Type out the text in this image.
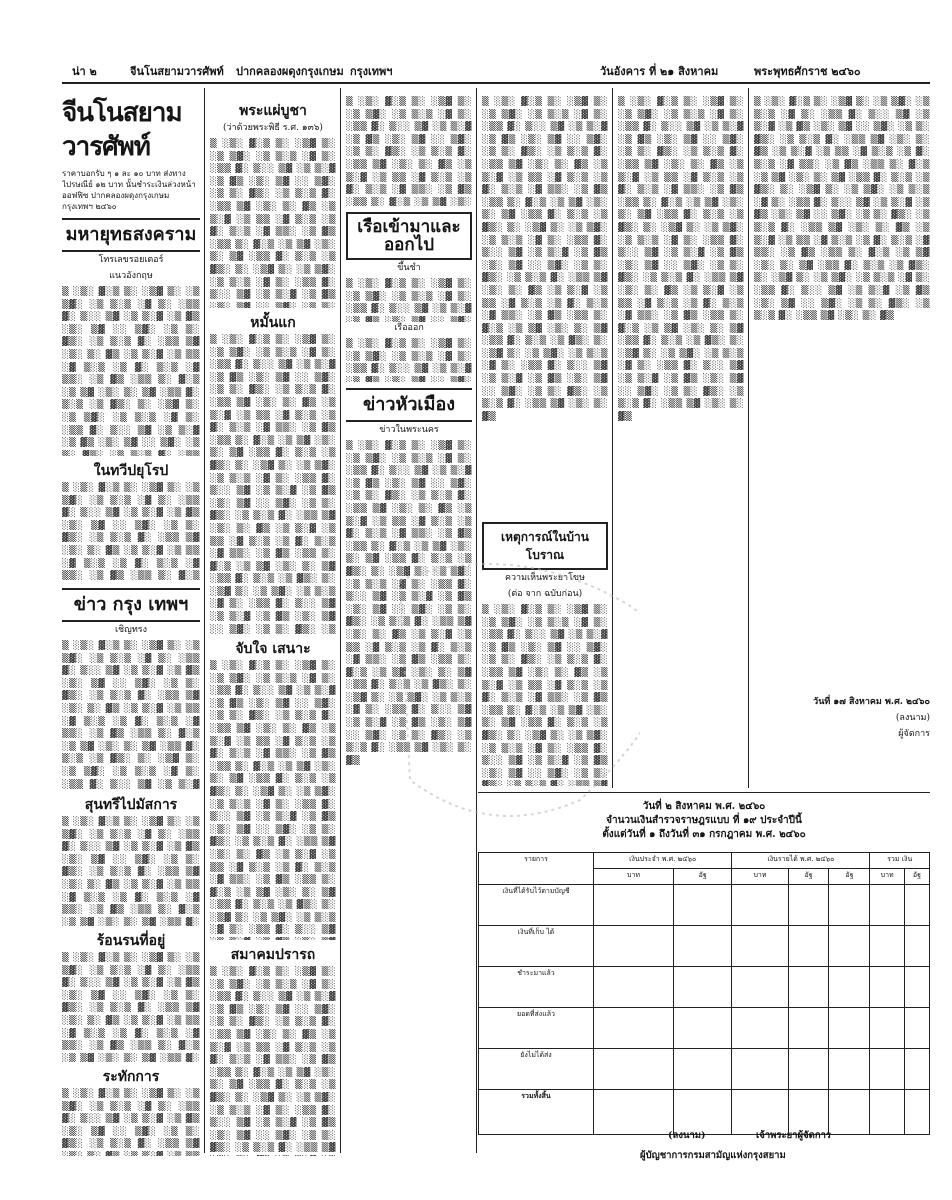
น่า ๒	จีนโนสยามวารศัพท์ ปากคลองผดุงกรุงเกษม กรุงเทพฯ	วันอังคาร ที่ ๒๑ สิงหาคม	พระพุทธศักราช ๒๔๖๐
จีนโนสยามวารศัพท์
ราคาบอกรับ ๆ ๑ ละ ๑๐ บาท ส่งทางไปรษณีย์ ๑๒ บาท นั้นชำระเงินล่วงหน้า
ออฟฟิซ ปากคลองผดุงกรุงเกษม กรุงเทพฯ ๒๔๖๐
มหายุทธสงคราม
โทรเลขรอยเตอร์
แนวอังกฤษ

▒ ░▒░ ▓░▒ ▒░ ░▒▓ ▒░ ░▒ ▒▓░ ░▒ ▒░▒ ░▓ ▒░ ░▒▒ ▓░ ▒░░ ▒▓ ░▒ ▒░▓ ░▒ ▓▒ ░▒░ ▒▓ ░░ ▒▓░ ░▒ ▒░ ▓▒░ ░▒ ▒░▒ ▓░ ░▒▒ ▒▓ ░▒░ ▒░ ▓▒ ░▒ ▒░▓ ░▒ ▒▒ ░▓ ▒░▒ ░▒ ▓░ ▒░▒ ░▓ ▒▒░ ░▒ ▓▒ ░▒▒ ▒░ ▓░▒ ░▒ ▒▓ ░▒░ ▒░ ▒▓ ░▒▒ ▓░ ▒░▒ ░▒ ▓▒░ ▒░ ░▒▓ ▒░ ░▒ ▒▓░ ░▒ ▒░▒ ░▓ ▒░ ░▒▒ ▓░ ▒░░ ▒▓ ░▒ ▒░▓ ░▒ ▓▒ ░▒░ ▒▓ ░░ ▒▓░ ░▒ ▒░ ▓▒░ ░▒ ▒░▒ ▓░ ░▒▒ ▒▓ ░▒░ ▒░ ▓▒ ░▒ ▒░▓ ░▒ ▒▒ ░▓ ▒░▒ ░▒ ▓░ ▒░▒ ░▓ ▒▒░ ░▒ ▓▒ ░▒▒ ▒░ ▓░▒ ░▒ ▒▓ ░▒░ ▒░ ▒▓ ░▒▒ ▓░ ▒░▒ ░▒ ▓▒░ ▒░ ░▒▓ ▒░ ░▒ ▒▓░ ░▒ ▒░▒ ░▓ ▒░ ░▒▒ ▓░ ▒░░ ▒▓ ░▒ ▒░▓ ░▒ ▓▒ ░▒░ ▒▓ ░░ ▒▓░ ░▒ ▒░ ▓▒░ ░▒ ▒░▒ ▓░ ░▒▒ ▒▓ ░▒░ ▒░ ▓▒

ในทวีปยุโรป

▒ ░▒░ ▓░▒ ▒░ ░▒▓ ▒░ ░▒ ▒▓░ ░▒ ▒░▒ ░▓ ▒░ ░▒▒ ▓░ ▒░░ ▒▓ ░▒ ▒░▓ ░▒ ▓▒ ░▒░ ▒▓ ░░ ▒▓░ ░▒ ▒░ ▓▒░ ░▒ ▒░▒ ▓░ ░▒▒ ▒▓ ░▒░ ▒░ ▓▒ ░▒ ▒░▓ ░▒ ▒▒ ░▓ ▒░▒ ░▒ ▓░ ▒░▒ ░▓ ▒▒░ ░▒ ▓▒ ░▒▒ ▒░ ▓░▒ ░▒ ▒▓ ░▒░ ▒░ ▒▓ ░▒▒ ▓░ ▒░▒ ░▒ ▓▒░ ▒░ ░▒▓ ▒░ ░▒ ▒▓░ ░▒ ▒░▒ ░▓ ▒░ ░▒▒ ▓░ ▒░░ ▒▓ ░▒ ▒░▓ ░▒ ▓▒ ░▒░ ▒▓ ░░ ▒▓░ ░▒ ▒░ ▓▒░ ░▒ ▒░▒ ▓░ ░▒▒ ▒▓ ░▒░ ▒░ ▓▒ ░▒ ▒░▓ ░▒ ▒▒ ░▓ ▒░▒ ░▒ ▓░ ▒░▒ ░▓ ▒▒░ ░▒ ▓▒ ░▒▒ ▒░ ▓░▒ ░▒ ▒▓ ░▒░ ▒░ ▒▓ ░▒▒ ▓░ ▒░▒ ░▒ ▓▒░ ▒░ ░▒▓ ▒░ ░▒ ▒▓░ ░▒ ▒░▒ ░▓ ▒░ ░▒▒ ▓░ ▒░░ ▒▓ ░▒ ▒░▓ ░▒ ▓▒ ░▒░ ▒▓ ░░ ▒▓░ ░▒ ▒░ ▓▒░ ░▒ ▒░▒ ▓░ ░▒▒ ▒▓ ░▒░ ▒░ ▓▒

ข่าว กรุง เทพฯ
เชิญทรง

▒ ░▒░ ▓░▒ ▒░ ░▒▓ ▒░ ░▒ ▒▓░ ░▒ ▒░▒ ░▓ ▒░ ░▒▒ ▓░ ▒░░ ▒▓ ░▒ ▒░▓ ░▒ ▓▒ ░▒░ ▒▓ ░░ ▒▓░ ░▒ ▒░ ▓▒░ ░▒ ▒░▒ ▓░ ░▒▒ ▒▓ ░▒░ ▒░ ▓▒ ░▒ ▒░▓ ░▒ ▒▒ ░▓ ▒░▒ ░▒ ▓░ ▒░▒ ░▓ ▒▒░ ░▒ ▓▒ ░▒▒ ▒░ ▓░▒ ░▒ ▒▓ ░▒░ ▒░ ▒▓ ░▒▒ ▓░ ▒░▒ ░▒ ▓▒░ ▒░ ░▒▓ ▒░ ░▒ ▒▓░ ░▒ ▒░▒ ░▓ ▒░ ░▒▒ ▓░ ▒░░ ▒▓ ░▒ ▒░▓ ░▒ ▓▒ ░▒░ ▒▓ ░░ ▒▓░ ░▒ ▒░ ▓▒░ ░▒ ▒░▒ ▓░ ░▒▒ ▒▓ ░▒░ ▒░ ▓▒ ░▒ ▒░▓ ░▒ ▒▒ ░▓ ▒░▒ ░▒ ▓░ ▒░▒ ░▓ ▒▒░ ░▒ ▓▒ ░▒▒ ▒░ ▓░▒ ░▒ ▒▓ ░▒░ ▒░ ▒▓ ░▒▒ ▓░ ▒░▒ ░▒ ▓▒░ ▒░ ░▒▓ ▒░ ░▒ ▒▓░ ░▒ ▒░▒ ░▓ ▒░ ░▒▒ ▓░ ▒░░ ▒▓ ░▒ ▒░▓ ░▒ ▓▒ ░▒░ ▒▓ ░░ ▒▓░ ░▒ ▒░ ▓▒░ ░▒ ▒░▒ ▓░ ░▒▒ ▒▓ ░▒░ ▒░ ▓▒

สุนทรีไปมัสการ

▒ ░▒░ ▓░▒ ▒░ ░▒▓ ▒░ ░▒ ▒▓░ ░▒ ▒░▒ ░▓ ▒░ ░▒▒ ▓░ ▒░░ ▒▓ ░▒ ▒░▓ ░▒ ▓▒ ░▒░ ▒▓ ░░ ▒▓░ ░▒ ▒░ ▓▒░ ░▒ ▒░▒ ▓░ ░▒▒ ▒▓ ░▒░ ▒░ ▓▒ ░▒ ▒░▓ ░▒ ▒▒ ░▓ ▒░▒ ░▒ ▓░ ▒░▒ ░▓ ▒▒░ ░▒ ▓▒ ░▒▒ ▒░ ▓░▒ ░▒ ▒▓ ░▒░ ▒░ ▒▓ ░▒▒ ▓░ ▒░▒ ░▒ ▓▒░ ▒░ ░▒▓ ▒░ ░▒ ▒▓░ ░▒ ▒░▒ ░▓ ▒░ ░▒▒ ▓░ ▒░░ ▒▓ ░▒ ▒░▓ ░▒ ▓▒ ░▒░ ▒▓ ░░ ▒▓░ ░▒ ▒░ ▓▒░ ░▒ ▒░▒ ▓░ ░▒▒ ▒▓ ░▒░ ▒░ ▓▒ ░▒ ▒░▓ ░▒ ▒▒ ░▓ ▒░▒ ░▒ ▓░ ▒░▒ ░▓ ▒▒░ ░▒ ▓▒ ░▒▒ ▒░ ▓░▒ ░▒ ▒▓ ░▒░ ▒░ ▒▓ ░▒▒ ▓░ ▒░▒ ░▒ ▓▒░ ▒░ ░▒▓ ▒░ ░▒ ▒▓░ ░▒ ▒░▒ ░▓ ▒░ ░▒▒ ▓░ ▒░░ ▒▓ ░▒ ▒░▓ ░▒ ▓▒ ░▒░ ▒▓ ░░ ▒▓░ ░▒ ▒░ ▓▒░ ░▒ ▒░▒ ▓░ ░▒▒ ▒▓ ░▒░ ▒░ ▓▒

ร้อนรนที่อยู่

▒ ░▒░ ▓░▒ ▒░ ░▒▓ ▒░ ░▒ ▒▓░ ░▒ ▒░▒ ░▓ ▒░ ░▒▒ ▓░ ▒░░ ▒▓ ░▒ ▒░▓ ░▒ ▓▒ ░▒░ ▒▓ ░░ ▒▓░ ░▒ ▒░ ▓▒░ ░▒ ▒░▒ ▓░ ░▒▒ ▒▓ ░▒░ ▒░ ▓▒ ░▒ ▒░▓ ░▒ ▒▒ ░▓ ▒░▒ ░▒ ▓░ ▒░▒ ░▓ ▒▒░ ░▒ ▓▒ ░▒▒ ▒░ ▓░▒ ░▒ ▒▓ ░▒░ ▒░ ▒▓ ░▒▒ ▓░ ▒░▒ ░▒ ▓▒░ ▒░ ░▒▓ ▒░ ░▒ ▒▓░ ░▒ ▒░▒ ░▓ ▒░ ░▒▒ ▓░ ▒░░ ▒▓ ░▒ ▒░▓ ░▒ ▓▒ ░▒░ ▒▓ ░░ ▒▓░ ░▒ ▒░ ▓▒░ ░▒ ▒░▒ ▓░ ░▒▒ ▒▓ ░▒░ ▒░ ▓▒ ░▒ ▒░▓ ░▒ ▒▒ ░▓ ▒░▒ ░▒ ▓░ ▒░▒ ░▓ ▒▒░ ░▒ ▓▒ ░▒▒ ▒░ ▓░▒ ░▒ ▒▓ ░▒░ ▒░ ▒▓ ░▒▒ ▓░ ▒░▒ ░▒ ▓▒░ ▒░ ░▒▓ ▒░ ░▒ ▒▓░ ░▒ ▒░▒ ░▓ ▒░ ░▒▒ ▓░ ▒░░ ▒▓ ░▒ ▒░▓ ░▒ ▓▒ ░▒░ ▒▓ ░░ ▒▓░ ░▒ ▒░ ▓▒░ ░▒ ▒░▒ ▓░ ░▒▒ ▒▓ ░▒░ ▒░ ▓▒

ระทักการ

▒ ░▒░ ▓░▒ ▒░ ░▒▓ ▒░ ░▒ ▒▓░ ░▒ ▒░▒ ░▓ ▒░ ░▒▒ ▓░ ▒░░ ▒▓ ░▒ ▒░▓ ░▒ ▓▒ ░▒░ ▒▓ ░░ ▒▓░ ░▒ ▒░ ▓▒░ ░▒ ▒░▒ ▓░ ░▒▒ ▒▓ ░▒░ ▒░ ▓▒ ░▒ ▒░▓ ░▒ ▒▒ ░▓ ▒░▒ ░▒ ▓░ ▒░▒ ░▓ ▒▒░ ░▒ ▓▒ ░▒▒ ▒░ ▓░▒ ░▒ ▒▓ ░▒░ ▒░ ▒▓ ░▒▒ ▓░ ▒░▒ ░▒ ▓▒░ ▒░ ░▒▓ ▒░ ░▒ ▒▓░ ░▒ ▒░▒ ░▓ ▒░ ░▒▒ ▓░ ▒░░ ▒▓ ░▒ ▒░▓ ░▒ ▓▒ ░▒░ ▒▓ ░░ ▒▓░ ░▒ ▒░ ▓▒░ ░▒ ▒░▒ ▓░ ░▒▒ ▒▓ ░▒░ ▒░ ▓▒ ░▒ ▒░▓ ░▒ ▒▒ ░▓ ▒░▒ ░▒ ▓░ ▒░▒ ░▓ ▒▒░ ░▒ ▓▒ ░▒▒ ▒░ ▓░▒ ░▒ ▒▓ ░▒░ ▒░ ▒▓ ░▒▒ ▓░ ▒░▒ ░▒ ▓▒░ ▒░ ░▒▓ ▒░ ░▒ ▒▓░ ░▒ ▒░▒ ░▓ ▒░ ░▒▒ ▓░ ▒░░ ▒▓ ░▒ ▒░▓ ░▒ ▓▒ ░▒░ ▒▓ ░░ ▒▓░ ░▒ ▒░ ▓▒░ ░▒ ▒░▒ ▓░ ░▒▒ ▒▓ ░▒░ ▒░ ▓▒

พระแผ่บูชา
(ว่าด้วยพระพิธี ร.ศ. ๑๓๖)

▒ ░▒░ ▓░▒ ▒░ ░▒▓ ▒░ ░▒ ▒▓░ ░▒ ▒░▒ ░▓ ▒░ ░▒▒ ▓░ ▒░░ ▒▓ ░▒ ▒░▓ ░▒ ▓▒ ░▒░ ▒▓ ░░ ▒▓░ ░▒ ▒░ ▓▒░ ░▒ ▒░▒ ▓░ ░▒▒ ▒▓ ░▒░ ▒░ ▓▒ ░▒ ▒░▓ ░▒ ▒▒ ░▓ ▒░▒ ░▒ ▓░ ▒░▒ ░▓ ▒▒░ ░▒ ▓▒ ░▒▒ ▒░ ▓░▒ ░▒ ▒▓ ░▒░ ▒░ ▒▓ ░▒▒ ▓░ ▒░▒ ░▒ ▓▒░ ▒░ ░▒▓ ▒░ ░▒ ▒▓░ ░▒ ▒░▒ ░▓ ▒░ ░▒▒ ▓░ ▒░░ ▒▓ ░▒ ▒░▓ ░▒ ▓▒ ░▒░ ▒▓ ░░ ▒▓░ ░▒ ▒░ ▓▒░ ░▒ ▒░▒ ▓░ ░▒▒ ▒▓ ░▒░ ▒░ ▓▒ ░▒ ▒░▓ ░▒ ▒▒ ░▓ ▒░▒ ░▒ ▓░ ▒░▒ ░▓ ▒▒░ ░▒ ▓▒ ░▒▒ ▒░ ▓░▒ ░▒ ▒▓ ░▒░ ▒░ ▒▓ ░▒▒ ▓░ ▒░▒ ░▒ ▓▒░ ▒░ ░▒▓ ▒░ ░▒ ▒▓░ ░▒ ▒░▒ ░▓ ▒░ ░▒▒ ▓░ ▒░░ ▒▓ ░▒ ▒░▓ ░▒ ▓▒ ░▒░ ▒▓ ░░ ▒▓░ ░▒ ▒░ ▓▒░ ░▒ ▒░▒ ▓░ ░▒▒ ▒▓ ░▒░ ▒░ ▓▒

หมั้นแก

▒ ░▒░ ▓░▒ ▒░ ░▒▓ ▒░ ░▒ ▒▓░ ░▒ ▒░▒ ░▓ ▒░ ░▒▒ ▓░ ▒░░ ▒▓ ░▒ ▒░▓ ░▒ ▓▒ ░▒░ ▒▓ ░░ ▒▓░ ░▒ ▒░ ▓▒░ ░▒ ▒░▒ ▓░ ░▒▒ ▒▓ ░▒░ ▒░ ▓▒ ░▒ ▒░▓ ░▒ ▒▒ ░▓ ▒░▒ ░▒ ▓░ ▒░▒ ░▓ ▒▒░ ░▒ ▓▒ ░▒▒ ▒░ ▓░▒ ░▒ ▒▓ ░▒░ ▒░ ▒▓ ░▒▒ ▓░ ▒░▒ ░▒ ▓▒░ ▒░ ░▒▓ ▒░ ░▒ ▒▓░ ░▒ ▒░▒ ░▓ ▒░ ░▒▒ ▓░ ▒░░ ▒▓ ░▒ ▒░▓ ░▒ ▓▒ ░▒░ ▒▓ ░░ ▒▓░ ░▒ ▒░ ▓▒░ ░▒ ▒░▒ ▓░ ░▒▒ ▒▓ ░▒░ ▒░ ▓▒ ░▒ ▒░▓ ░▒ ▒▒ ░▓ ▒░▒ ░▒ ▓░ ▒░▒ ░▓ ▒▒░ ░▒ ▓▒ ░▒▒ ▒░ ▓░▒ ░▒ ▒▓ ░▒░ ▒░ ▒▓ ░▒▒ ▓░ ▒░▒ ░▒ ▓▒░ ▒░ ░▒▓ ▒░ ░▒ ▒▓░ ░▒ ▒░▒ ░▓ ▒░ ░▒▒ ▓░ ▒░░ ▒▓ ░▒ ▒░▓ ░▒ ▓▒ ░▒░ ▒▓ ░░ ▒▓░ ░▒ ▒░ ▓▒░ ░▒ ▒░▒ ▓░ ░▒▒ ▒▓ ░▒░ ▒░ ▓▒

จับใจ เสนาะ

▒ ░▒░ ▓░▒ ▒░ ░▒▓ ▒░ ░▒ ▒▓░ ░▒ ▒░▒ ░▓ ▒░ ░▒▒ ▓░ ▒░░ ▒▓ ░▒ ▒░▓ ░▒ ▓▒ ░▒░ ▒▓ ░░ ▒▓░ ░▒ ▒░ ▓▒░ ░▒ ▒░▒ ▓░ ░▒▒ ▒▓ ░▒░ ▒░ ▓▒ ░▒ ▒░▓ ░▒ ▒▒ ░▓ ▒░▒ ░▒ ▓░ ▒░▒ ░▓ ▒▒░ ░▒ ▓▒ ░▒▒ ▒░ ▓░▒ ░▒ ▒▓ ░▒░ ▒░ ▒▓ ░▒▒ ▓░ ▒░▒ ░▒ ▓▒░ ▒░ ░▒▓ ▒░ ░▒ ▒▓░ ░▒ ▒░▒ ░▓ ▒░ ░▒▒ ▓░ ▒░░ ▒▓ ░▒ ▒░▓ ░▒ ▓▒ ░▒░ ▒▓ ░░ ▒▓░ ░▒ ▒░ ▓▒░ ░▒ ▒░▒ ▓░ ░▒▒ ▒▓ ░▒░ ▒░ ▓▒ ░▒ ▒░▓ ░▒ ▒▒ ░▓ ▒░▒ ░▒ ▓░ ▒░▒ ░▓ ▒▒░ ░▒ ▓▒ ░▒▒ ▒░ ▓░▒ ░▒ ▒▓ ░▒░ ▒░ ▒▓ ░▒▒ ▓░ ▒░▒ ░▒ ▓▒░ ▒░ ░▒▓ ▒░ ░▒ ▒▓░ ░▒ ▒░▒ ░▓ ▒░ ░▒▒ ▓░ ▒░░ ▒▓ ░▒ ▒░▓ ░▒ ▓▒ ░▒░ ▒▓ ░░ ▒▓░ ░▒ ▒░ ▓▒░ ░▒ ▒░▒ ▓░ ░▒▒ ▒▓ ░▒░ ▒░ ▓▒

สมาคมปรารถ

▒ ░▒░ ▓░▒ ▒░ ░▒▓ ▒░ ░▒ ▒▓░ ░▒ ▒░▒ ░▓ ▒░ ░▒▒ ▓░ ▒░░ ▒▓ ░▒ ▒░▓ ░▒ ▓▒ ░▒░ ▒▓ ░░ ▒▓░ ░▒ ▒░ ▓▒░ ░▒ ▒░▒ ▓░ ░▒▒ ▒▓ ░▒░ ▒░ ▓▒ ░▒ ▒░▓ ░▒ ▒▒ ░▓ ▒░▒ ░▒ ▓░ ▒░▒ ░▓ ▒▒░ ░▒ ▓▒ ░▒▒ ▒░ ▓░▒ ░▒ ▒▓ ░▒░ ▒░ ▒▓ ░▒▒ ▓░ ▒░▒ ░▒ ▓▒░ ▒░ ░▒▓ ▒░ ░▒ ▒▓░ ░▒ ▒░▒ ░▓ ▒░ ░▒▒ ▓░ ▒░░ ▒▓ ░▒ ▒░▓ ░▒ ▓▒ ░▒░ ▒▓ ░░ ▒▓░ ░▒ ▒░ ▓▒░ ░▒ ▒░▒ ▓░ ░▒▒ ▒▓ ░▒░ ▒░ ▓▒ ░▒ ▒░▓ ░▒ ▒▒ ░▓ ▒░▒ ░▒ ▓░ ▒░▒ ░▓ ▒▒░ ░▒ ▓▒ ░▒▒ ▒░ ▓░▒ ░▒ ▒▓ ░▒░ ▒░ ▒▓ ░▒▒ ▓░ ▒░▒ ░▒ ▓▒░ ▒░ ░▒▓ ▒░ ░▒ ▒▓░ ░▒ ▒░▒ ░▓ ▒░ ░▒▒ ▓░ ▒░░ ▒▓ ░▒ ▒░▓ ░▒ ▓▒ ░▒░ ▒▓ ░░ ▒▓░ ░▒ ▒░ ▓▒░ ░▒ ▒░▒ ▓░ ░▒▒ ▒▓ ░▒░ ▒░ ▓▒

▒ ░▒░ ▓░▒ ▒░ ░▒▓ ▒░ ░▒ ▒▓░ ░▒ ▒░▒ ░▓ ▒░ ░▒▒ ▓░ ▒░░ ▒▓ ░▒ ▒░▓ ░▒ ▓▒ ░▒░ ▒▓ ░░ ▒▓░ ░▒ ▒░ ▓▒░ ░▒ ▒░▒ ▓░ ░▒▒ ▒▓ ░▒░ ▒░ ▓▒ ░▒ ▒░▓ ░▒ ▒▒ ░▓ ▒░▒ ░▒ ▓░ ▒░▒ ░▓ ▒▒░ ░▒ ▓▒ ░▒▒ ▒░ ▓░▒ ░▒ ▒▓ ░▒░ ▒░ ▒▓ ░▒▒ ▓░ ▒░▒ ░▒ ▓▒░ ▒░ ░▒▓ ▒░ ░▒ ▒▓░ ░▒ ▒░▒ ░▓ ▒░ ░▒▒ ▓░ ▒░░ ▒▓ ░▒ ▒░▓ ░▒ ▓▒ ░▒░ ▒▓ ░░ ▒▓░ ░▒ ▒░ ▓▒░ ░▒ ▒░▒ ▓░ ░▒▒ ▒▓ ░▒░ ▒░ ▓▒ ░▒ ▒░▓ ░▒ ▒▒ ░▓ ▒░▒ ░▒ ▓░ ▒░▒ ░▓ ▒▒░ ░▒ ▓▒ ░▒▒ ▒░ ▓░▒ ░▒ ▒▓ ░▒░ ▒░ ▒▓ ░▒▒ ▓░ ▒░▒ ░▒ ▓▒░ ▒░ ░▒▓ ▒░ ░▒ ▒▓░ ░▒ ▒░▒ ░▓ ▒░ ░▒▒ ▓░ ▒░░ ▒▓ ░▒ ▒░▓ ░▒ ▓▒ ░▒░ ▒▓ ░░ ▒▓░ ░▒ ▒░ ▓▒░ ░▒ ▒░▒ ▓░ ░▒▒ ▒▓ ░▒░ ▒░ ▓▒

เรือเข้ามาและออกไป
ขึ้นชำ

▒ ░▒░ ▓░▒ ▒░ ░▒▓ ▒░ ░▒ ▒▓░ ░▒ ▒░▒ ░▓ ▒░ ░▒▒ ▓░ ▒░░ ▒▓ ░▒ ▒░▓ ░▒ ▓▒ ░▒░ ▒▓ ░░ ▒▓░ ░▒ ▒░ ▓▒░ ░▒ ▒░▒ ▓░ ░▒▒ ▒▓ ░▒░ ▒░ ▓▒ ░▒ ▒░▓ ░▒ ▒▒ ░▓ ▒░▒ ░▒ ▓░ ▒░▒ ░▓ ▒▒░ ░▒ ▓▒ ░▒▒ ▒░ ▓░▒ ░▒ ▒▓ ░▒░ ▒░ ▒▓ ░▒▒ ▓░ ▒░▒ ░▒ ▓▒░ ▒░ ░▒▓ ▒░ ░▒ ▒▓░ ░▒ ▒░▒ ░▓ ▒░ ░▒▒ ▓░ ▒░░ ▒▓ ░▒ ▒░▓ ░▒ ▓▒ ░▒░ ▒▓ ░░ ▒▓░ ░▒ ▒░ ▓▒░ ░▒ ▒░▒ ▓░ ░▒▒ ▒▓ ░▒░ ▒░ ▓▒ ░▒ ▒░▓ ░▒ ▒▒ ░▓ ▒░▒ ░▒ ▓░ ▒░▒ ░▓ ▒▒░ ░▒ ▓▒ ░▒▒ ▒░ ▓░▒ ░▒ ▒▓ ░▒░ ▒░ ▒▓ ░▒▒ ▓░ ▒░▒ ░▒ ▓▒░ ▒░ ░▒▓ ▒░ ░▒ ▒▓░ ░▒ ▒░▒ ░▓ ▒░ ░▒▒ ▓░ ▒░░ ▒▓ ░▒ ▒░▓ ░▒ ▓▒ ░▒░ ▒▓ ░░ ▒▓░ ░▒ ▒░ ▓▒░ ░▒ ▒░▒ ▓░ ░▒▒ ▒▓ ░▒░ ▒░ ▓▒

เรือออก

▒ ░▒░ ▓░▒ ▒░ ░▒▓ ▒░ ░▒ ▒▓░ ░▒ ▒░▒ ░▓ ▒░ ░▒▒ ▓░ ▒░░ ▒▓ ░▒ ▒░▓ ░▒ ▓▒ ░▒░ ▒▓ ░░ ▒▓░ ░▒ ▒░ ▓▒░ ░▒ ▒░▒ ▓░ ░▒▒ ▒▓ ░▒░ ▒░ ▓▒ ░▒ ▒░▓ ░▒ ▒▒ ░▓ ▒░▒ ░▒ ▓░ ▒░▒ ░▓ ▒▒░ ░▒ ▓▒ ░▒▒ ▒░ ▓░▒ ░▒ ▒▓ ░▒░ ▒░ ▒▓ ░▒▒ ▓░ ▒░▒ ░▒ ▓▒░ ▒░ ░▒▓ ▒░ ░▒ ▒▓░ ░▒ ▒░▒ ░▓ ▒░ ░▒▒ ▓░ ▒░░ ▒▓ ░▒ ▒░▓ ░▒ ▓▒ ░▒░ ▒▓ ░░ ▒▓░ ░▒ ▒░ ▓▒░ ░▒ ▒░▒ ▓░ ░▒▒ ▒▓ ░▒░ ▒░ ▓▒ ░▒ ▒░▓ ░▒ ▒▒ ░▓ ▒░▒ ░▒ ▓░ ▒░▒ ░▓ ▒▒░ ░▒ ▓▒ ░▒▒ ▒░ ▓░▒ ░▒ ▒▓ ░▒░ ▒░ ▒▓ ░▒▒ ▓░ ▒░▒ ░▒ ▓▒░ ▒░ ░▒▓ ▒░ ░▒ ▒▓░ ░▒ ▒░▒ ░▓ ▒░ ░▒▒ ▓░ ▒░░ ▒▓ ░▒ ▒░▓ ░▒ ▓▒ ░▒░ ▒▓ ░░ ▒▓░ ░▒ ▒░ ▓▒░ ░▒ ▒░▒ ▓░ ░▒▒ ▒▓ ░▒░ ▒░ ▓▒

ข่าวหัวเมือง
ข่าวในพระนคร

▒ ░▒░ ▓░▒ ▒░ ░▒▓ ▒░ ░▒ ▒▓░ ░▒ ▒░▒ ░▓ ▒░ ░▒▒ ▓░ ▒░░ ▒▓ ░▒ ▒░▓ ░▒ ▓▒ ░▒░ ▒▓ ░░ ▒▓░ ░▒ ▒░ ▓▒░ ░▒ ▒░▒ ▓░ ░▒▒ ▒▓ ░▒░ ▒░ ▓▒ ░▒ ▒░▓ ░▒ ▒▒ ░▓ ▒░▒ ░▒ ▓░ ▒░▒ ░▓ ▒▒░ ░▒ ▓▒ ░▒▒ ▒░ ▓░▒ ░▒ ▒▓ ░▒░ ▒░ ▒▓ ░▒▒ ▓░ ▒░▒ ░▒ ▓▒░ ▒░ ░▒▓ ▒░ ░▒ ▒▓░ ░▒ ▒░▒ ░▓ ▒░ ░▒▒ ▓░ ▒░░ ▒▓ ░▒ ▒░▓ ░▒ ▓▒ ░▒░ ▒▓ ░░ ▒▓░ ░▒ ▒░ ▓▒░ ░▒ ▒░▒ ▓░ ░▒▒ ▒▓ ░▒░ ▒░ ▓▒ ░▒ ▒░▓ ░▒ ▒▒ ░▓ ▒░▒ ░▒ ▓░ ▒░▒ ░▓ ▒▒░ ░▒ ▓▒ ░▒▒ ▒░ ▓░▒ ░▒ ▒▓ ░▒░ ▒░ ▒▓ ░▒▒ ▓░ ▒░▒ ░▒ ▓▒░ ▒░ ░▒▓ ▒░ ░▒ ▒▓░ ░▒ ▒░▒ ░▓ ▒░ ░▒▒ ▓░ ▒░░ ▒▓ ░▒ ▒░▓ ░▒ ▓▒ ░▒░ ▒▓ ░░ ▒▓░ ░▒ ▒░ ▓▒░ ░▒ ▒░▒ ▓░ ░▒▒ ▒▓ ░▒░ ▒░ ▓▒

▒ ░▒░ ▓░▒ ▒░ ░▒▓ ▒░ ░▒ ▒▓░ ░▒ ▒░▒ ░▓ ▒░ ░▒▒ ▓░ ▒░░ ▒▓ ░▒ ▒░▓ ░▒ ▓▒ ░▒░ ▒▓ ░░ ▒▓░ ░▒ ▒░ ▓▒░ ░▒ ▒░▒ ▓░ ░▒▒ ▒▓ ░▒░ ▒░ ▓▒ ░▒ ▒░▓ ░▒ ▒▒ ░▓ ▒░▒ ░▒ ▓░ ▒░▒ ░▓ ▒▒░ ░▒ ▓▒ ░▒▒ ▒░ ▓░▒ ░▒ ▒▓ ░▒░ ▒░ ▒▓ ░▒▒ ▓░ ▒░▒ ░▒ ▓▒░ ▒░ ░▒▓ ▒░ ░▒ ▒▓░ ░▒ ▒░▒ ░▓ ▒░ ░▒▒ ▓░ ▒░░ ▒▓ ░▒ ▒░▓ ░▒ ▓▒ ░▒░ ▒▓ ░░ ▒▓░ ░▒ ▒░ ▓▒░ ░▒ ▒░▒ ▓░ ░▒▒ ▒▓ ░▒░ ▒░ ▓▒ ░▒ ▒░▓ ░▒ ▒▒ ░▓ ▒░▒ ░▒ ▓░ ▒░▒ ░▓ ▒▒░ ░▒ ▓▒ ░▒▒ ▒░ ▓░▒ ░▒ ▒▓ ░▒░ ▒░ ▒▓ ░▒▒ ▓░ ▒░▒ ░▒ ▓▒░ ▒░ ░▒▓ ▒░ ░▒ ▒▓░ ░▒ ▒░▒ ░▓ ▒░ ░▒▒ ▓░ ▒░░ ▒▓ ░▒ ▒░▓ ░▒ ▓▒ ░▒░ ▒▓ ░░ ▒▓░ ░▒ ▒░ ▓▒░ ░▒ ▒░▒ ▓░ ░▒▒ ▒▓ ░▒░ ▒░ ▓▒

เหตุการณ์ในบ้านโบราณ
ความเห็นพระยาโขษ
(ต่อ จาก ฉบับก่อน)

▒ ░▒░ ▓░▒ ▒░ ░▒▓ ▒░ ░▒ ▒▓░ ░▒ ▒░▒ ░▓ ▒░ ░▒▒ ▓░ ▒░░ ▒▓ ░▒ ▒░▓ ░▒ ▓▒ ░▒░ ▒▓ ░░ ▒▓░ ░▒ ▒░ ▓▒░ ░▒ ▒░▒ ▓░ ░▒▒ ▒▓ ░▒░ ▒░ ▓▒ ░▒ ▒░▓ ░▒ ▒▒ ░▓ ▒░▒ ░▒ ▓░ ▒░▒ ░▓ ▒▒░ ░▒ ▓▒ ░▒▒ ▒░ ▓░▒ ░▒ ▒▓ ░▒░ ▒░ ▒▓ ░▒▒ ▓░ ▒░▒ ░▒ ▓▒░ ▒░ ░▒▓ ▒░ ░▒ ▒▓░ ░▒ ▒░▒ ░▓ ▒░ ░▒▒ ▓░ ▒░░ ▒▓ ░▒ ▒░▓ ░▒ ▓▒ ░▒░ ▒▓ ░░ ▒▓░ ░▒ ▒░ ▓▒░ ░▒ ▒░▒ ▓░ ░▒▒ ▒▓ ░▒░ ▒░ ▓▒ ░▒ ▒░▓ ░▒ ▒▒ ░▓ ▒░▒ ░▒ ▓░ ▒░▒ ░▓ ▒▒░ ░▒ ▓▒ ░▒▒ ▒░ ▓░▒ ░▒ ▒▓ ░▒░ ▒░ ▒▓ ░▒▒ ▓░ ▒░▒ ░▒ ▓▒░ ▒░ ░▒▓ ▒░ ░▒ ▒▓░ ░▒ ▒░▒ ░▓ ▒░ ░▒▒ ▓░ ▒░░ ▒▓ ░▒ ▒░▓ ░▒ ▓▒ ░▒░ ▒▓ ░░ ▒▓░ ░▒ ▒░ ▓▒░ ░▒ ▒░▒ ▓░ ░▒▒ ▒▓ ░▒░ ▒░ ▓▒

▒ ░▒░ ▓░▒ ▒░ ░▒▓ ▒░ ░▒ ▒▓░ ░▒ ▒░▒ ░▓ ▒░ ░▒▒ ▓░ ▒░░ ▒▓ ░▒ ▒░▓ ░▒ ▓▒ ░▒░ ▒▓ ░░ ▒▓░ ░▒ ▒░ ▓▒░ ░▒ ▒░▒ ▓░ ░▒▒ ▒▓ ░▒░ ▒░ ▓▒ ░▒ ▒░▓ ░▒ ▒▒ ░▓ ▒░▒ ░▒ ▓░ ▒░▒ ░▓ ▒▒░ ░▒ ▓▒ ░▒▒ ▒░ ▓░▒ ░▒ ▒▓ ░▒░ ▒░ ▒▓ ░▒▒ ▓░ ▒░▒ ░▒ ▓▒░ ▒░ ░▒▓ ▒░ ░▒ ▒▓░ ░▒ ▒░▒ ░▓ ▒░ ░▒▒ ▓░ ▒░░ ▒▓ ░▒ ▒░▓ ░▒ ▓▒ ░▒░ ▒▓ ░░ ▒▓░ ░▒ ▒░ ▓▒░ ░▒ ▒░▒ ▓░ ░▒▒ ▒▓ ░▒░ ▒░ ▓▒ ░▒ ▒░▓ ░▒ ▒▒ ░▓ ▒░▒ ░▒ ▓░ ▒░▒ ░▓ ▒▒░ ░▒ ▓▒ ░▒▒ ▒░ ▓░▒ ░▒ ▒▓ ░▒░ ▒░ ▒▓ ░▒▒ ▓░ ▒░▒ ░▒ ▓▒░ ▒░ ░▒▓ ▒░ ░▒ ▒▓░ ░▒ ▒░▒ ░▓ ▒░ ░▒▒ ▓░ ▒░░ ▒▓ ░▒ ▒░▓ ░▒ ▓▒ ░▒░ ▒▓ ░░ ▒▓░ ░▒ ▒░ ▓▒░ ░▒ ▒░▒ ▓░ ░▒▒ ▒▓ ░▒░ ▒░ ▓▒

▒ ░▒░ ▓░▒ ▒░ ░▒▓ ▒░ ░▒ ▒▓░ ░▒ ▒░▒ ░▓ ▒░ ░▒▒ ▓░ ▒░░ ▒▓ ░▒ ▒░▓ ░▒ ▓▒ ░▒░ ▒▓ ░░ ▒▓░ ░▒ ▒░ ▓▒░ ░▒ ▒░▒ ▓░ ░▒▒ ▒▓ ░▒░ ▒░ ▓▒ ░▒ ▒░▓ ░▒ ▒▒ ░▓ ▒░▒ ░▒ ▓░ ▒░▒ ░▓ ▒▒░ ░▒ ▓▒ ░▒▒ ▒░ ▓░▒ ░▒ ▒▓ ░▒░ ▒░ ▒▓ ░▒▒ ▓░ ▒░▒ ░▒ ▓▒░ ▒░ ░▒▓ ▒░ ░▒ ▒▓░ ░▒ ▒░▒ ░▓ ▒░ ░▒▒ ▓░ ▒░░ ▒▓ ░▒ ▒░▓ ░▒ ▓▒ ░▒░ ▒▓ ░░ ▒▓░ ░▒ ▒░ ▓▒░ ░▒ ▒░▒ ▓░ ░▒▒ ▒▓ ░▒░ ▒░ ▓▒ ░▒ ▒░▓ ░▒ ▒▒ ░▓ ▒░▒ ░▒ ▓░ ▒░▒ ░▓ ▒▒░ ░▒ ▓▒ ░▒▒ ▒░ ▓░▒ ░▒ ▒▓ ░▒░ ▒░ ▒▓ ░▒▒ ▓░ ▒░▒ ░▒ ▓▒░ ▒░ ░▒▓ ▒░ ░▒ ▒▓░ ░▒ ▒░▒ ░▓ ▒░ ░▒▒ ▓░ ▒░░ ▒▓ ░▒ ▒░▓ ░▒ ▓▒ ░▒░ ▒▓ ░░ ▒▓░ ░▒ ▒░ ▓▒░ ░▒ ▒░▒ ▓░ ░▒▒ ▒▓ ░▒░ ▒░ ▓▒

วันที่ ๑๗ สิงหาคม พ.ศ. ๒๔๖๐
(ลงนาม)
ผู้จัดการ
วันที่ ๒ สิงหาคม พ.ศ. ๒๔๖๐
จำนวนเงินสำรวจราษฎรแบบ ที่ ๑๙ ประจำปีนี้
ตั้งแต่วันที่ ๑ ถึงวันที่ ๓๑ กรกฎาคม พ.ศ. ๒๔๖๐
รายการ	เงินประจำ พ.ศ. ๒๔๖๐		เงินรายได้ พ.ศ. ๒๔๖๐			รวม เงิน	
	บาท	อัฐ	บาท	อัฐ	อัฐ	บาท	อัฐ
เงินที่ได้รับไว้ตามบัญชี							
เงินที่เก็บ ได้							
ชำระมาแล้ว							
ยอดที่ส่งแล้ว							
ยังไม่ได้ส่ง							
รวมทั้งสิ้น							
(ลงนาม)	เจ้าพระยาผู้จัดการ
ผู้บัญชาการกรมสามัญแห่งกรุงสยาม
